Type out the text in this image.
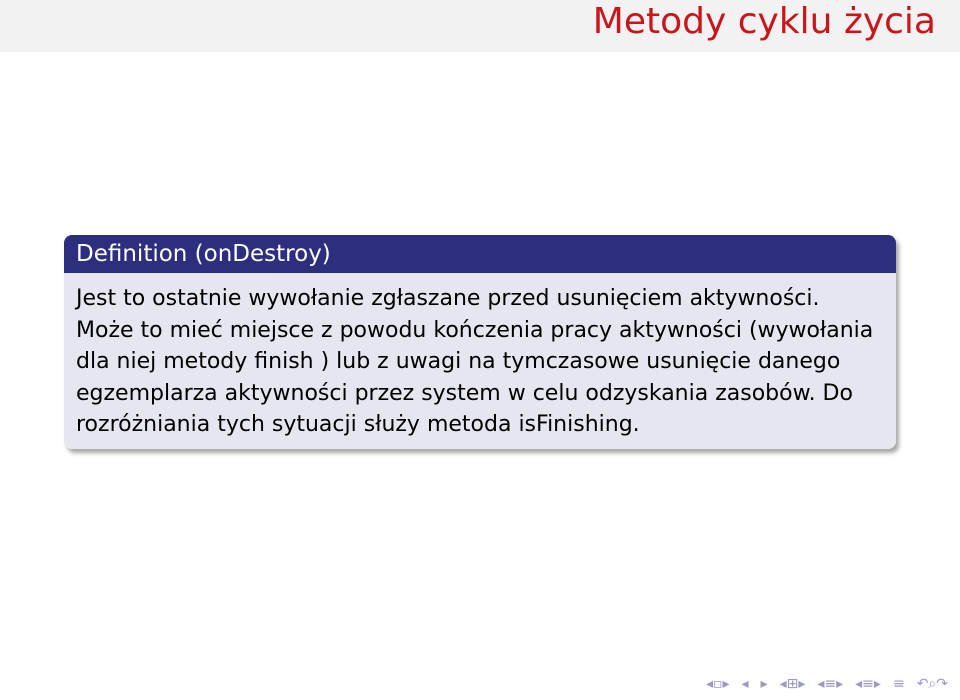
Metody cyklu życia
Definition (onDestroy)

Jest to ostatnie wywołanie zgłaszane przed usunięciem aktywności. Może to mieć miejsce z powodu kończenia pracy aktywności (wywołania dla niej metody finish ) lub z uwagi na tymczasowe usunięcie danego egzemplarza aktywności przez system w celu odzyskania zasobów. Do rozróżniania tych sytuacji służy metoda isFinishing.

◂▫▸ ◂ ▸ ◂⊞▸ ◂≡▸ ◂≡▸ ≡ ↶⌕↷
